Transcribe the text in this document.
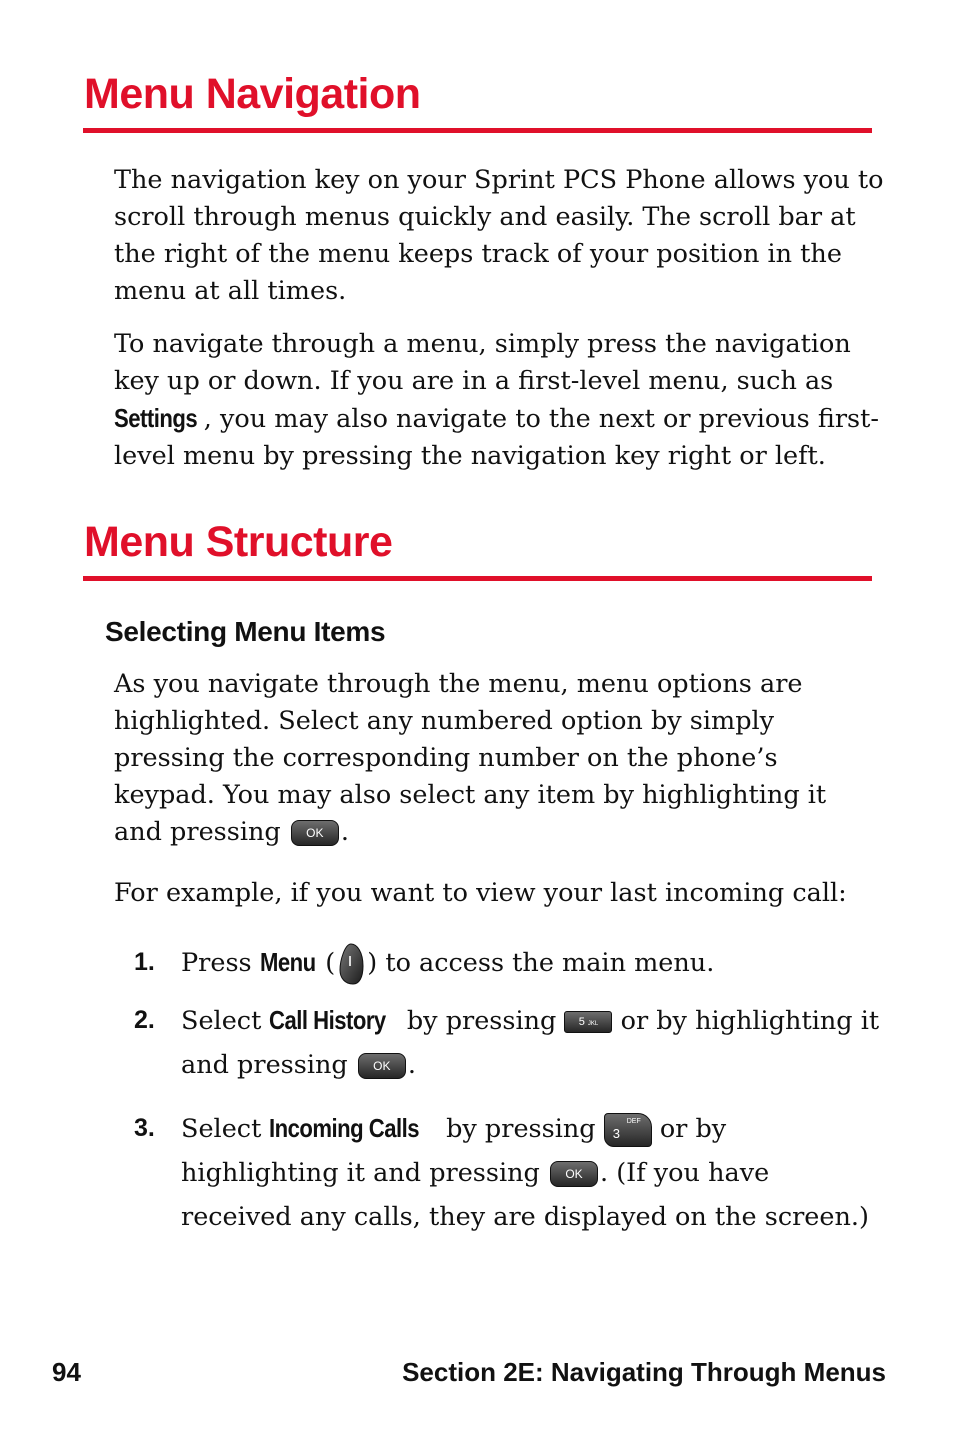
Menu Navigation

The navigation key on your Sprint PCS Phone allows you to scroll through menus quickly and easily. The scroll bar at the right of the menu keeps track of your position in the menu at all times.

To navigate through a menu, simply press the navigation key up or down. If you are in a first-level menu, such as Settings , you may also navigate to the next or previous first-level menu by pressing the navigation key right or left.

Menu Structure
Selecting Menu Items

As you navigate through the menu, menu options are highlighted. Select any numbered option by simply pressing the corresponding number on the phone’s keypad. You may also select any item by highlighting it and pressing OK .

For example, if you want to view your last incoming call:

1. Press Menu ( ) to access the main menu.
2. Select Call History by pressing 5 JKL or by highlighting it and pressing OK .
3. Select Incoming Calls by pressing 3
DEF or by highlighting it and pressing OK . (If you have received any calls, they are displayed on the screen.)

94	Section 2E: Navigating Through Menus
